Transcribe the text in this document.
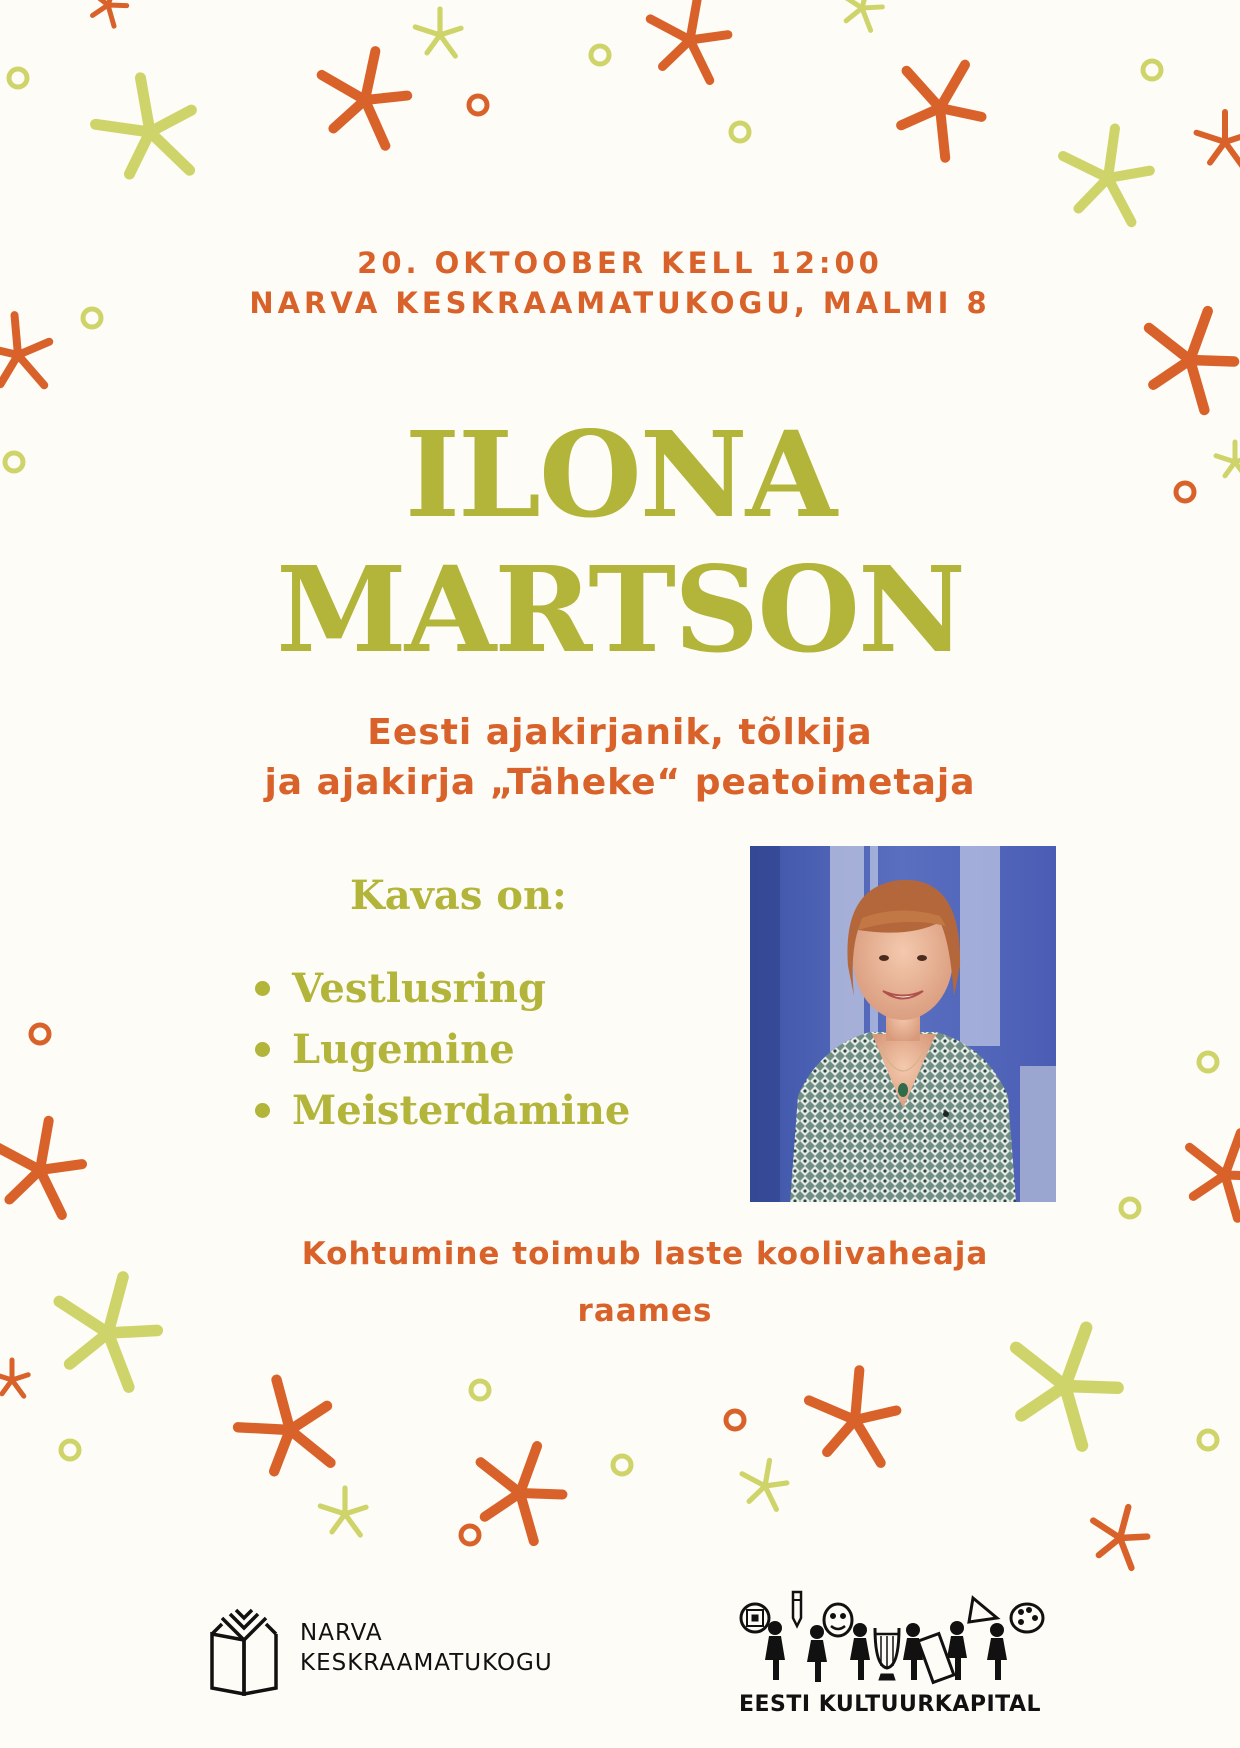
20. OKTOOBER KELL 12:00
NARVA KESKRAAMATUKOGU, MALMI 8
ILONA
MARTSON
Eesti ajakirjanik, tõlkija
ja ajakirja „Täheke“ peatoimetaja
Kavas on:
Vestlusring
Lugemine
Meisterdamine
Kohtumine toimub laste koolivaheaja
raames
NARVA
KESKRAAMATUKOGU
EESTI KULTUURKAPITAL
